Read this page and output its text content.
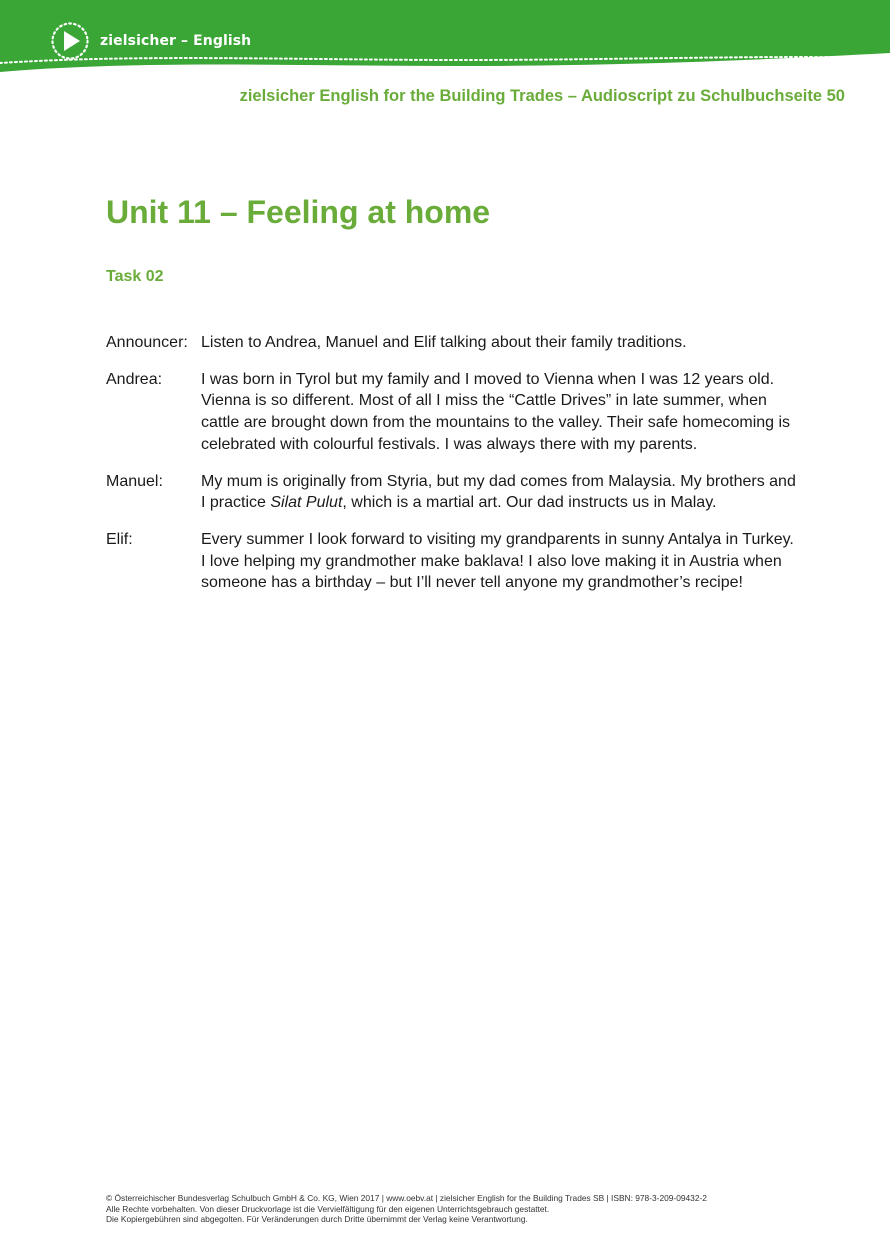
zielsicher – English
zielsicher English for the Building Trades – Audioscript zu Schulbuchseite 50
Unit 11 – Feeling at home
Task 02
Announcer: Listen to Andrea, Manuel and Elif talking about their family traditions.
Andrea:	I was born in Tyrol but my family and I moved to Vienna when I was 12 years old. Vienna is so different. Most of all I miss the “Cattle Drives” in late summer, when cattle are brought down from the mountains to the valley. Their safe homecoming is celebrated with colourful festivals. I was always there with my parents.
Manuel:	My mum is originally from Styria, but my dad comes from Malaysia. My brothers and I practice Silat Pulut, which is a martial art. Our dad instructs us in Malay.
Elif:	Every summer I look forward to visiting my grandparents in sunny Antalya in Turkey. I love helping my grandmother make baklava! I also love making it in Austria when someone has a birthday – but I’ll never tell anyone my grandmother’s recipe!
© Österreichischer Bundesverlag Schulbuch GmbH & Co. KG, Wien 2017 | www.oebv.at | zielsicher English for the Building Trades SB | ISBN: 978-3-209-09432-2
Alle Rechte vorbehalten. Von dieser Druckvorlage ist die Vervielfältigung für den eigenen Unterrichtsgebrauch gestattet.
Die Kopiergebühren sind abgegolten. Für Veränderungen durch Dritte übernimmt der Verlag keine Verantwortung.
